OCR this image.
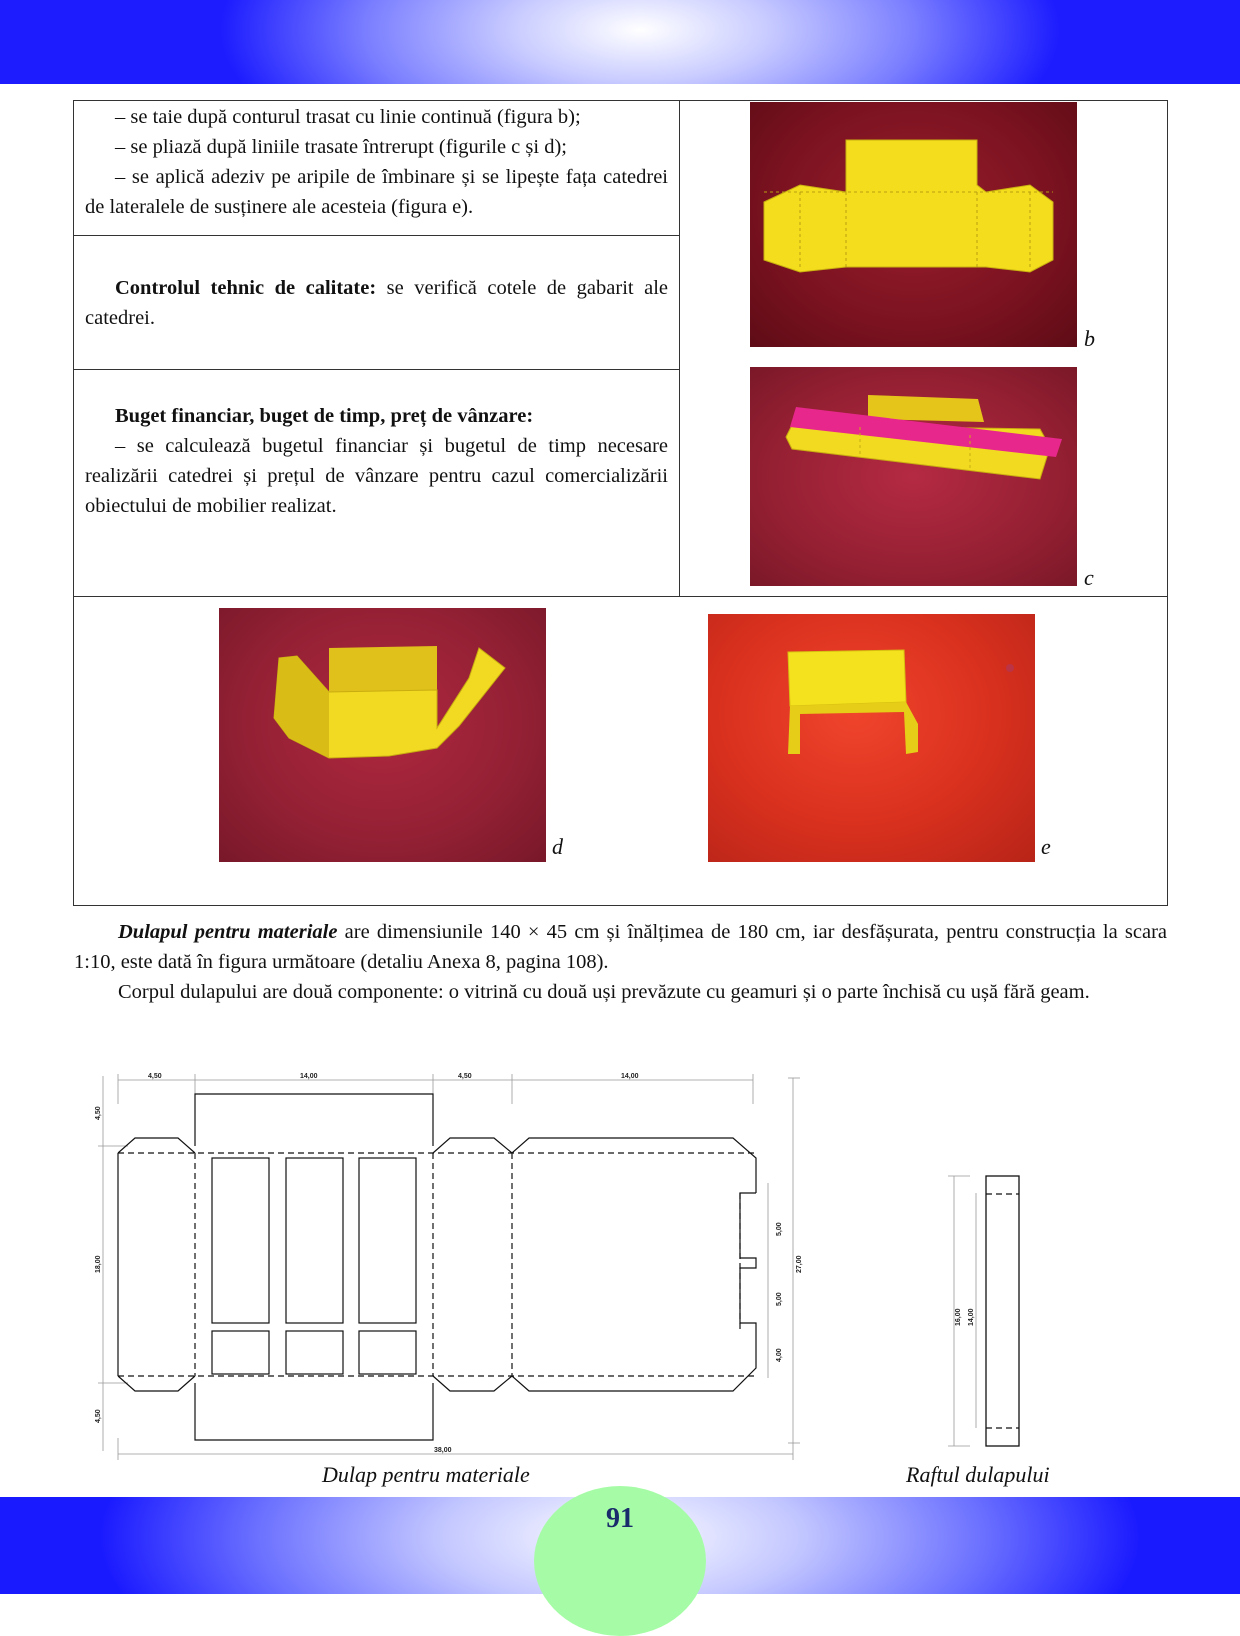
– se taie după conturul trasat cu linie continuă (figura b);

– se pliază după liniile trasate întrerupt (figurile c și d);

– se aplică adeziv pe aripile de îmbinare și se lipește fața catedrei de lateralele de susținere ale acesteia (figura e).

Controlul tehnic de calitate: se verifică cotele de gabarit ale catedrei.

Buget financiar, buget de timp, preț de vânzare:

– se calculează bugetul financiar și bugetul de timp necesare realizării catedrei și prețul de vânzare pentru cazul comercializării obiectului de mobilier realizat.

b
c
d	e

Dulapul pentru materiale are dimensiunile 140 × 45 cm și înălțimea de 180 cm, iar desfășurata, pentru construcția la scara 1:10, este dată în figura următoare (detaliu Anexa 8, pagina 108).

Corpul dulapului are două componente: o vitrină cu două uși prevăzute cu geamuri și o parte închisă cu ușă fără geam.

4,50	14,00	4,50	14,00
4,50
18,00
4,50
5,00
5,00
4,00
27,00
38,00
16,00 14,00
Dulap pentru materiale	Raftul dulapului
91
